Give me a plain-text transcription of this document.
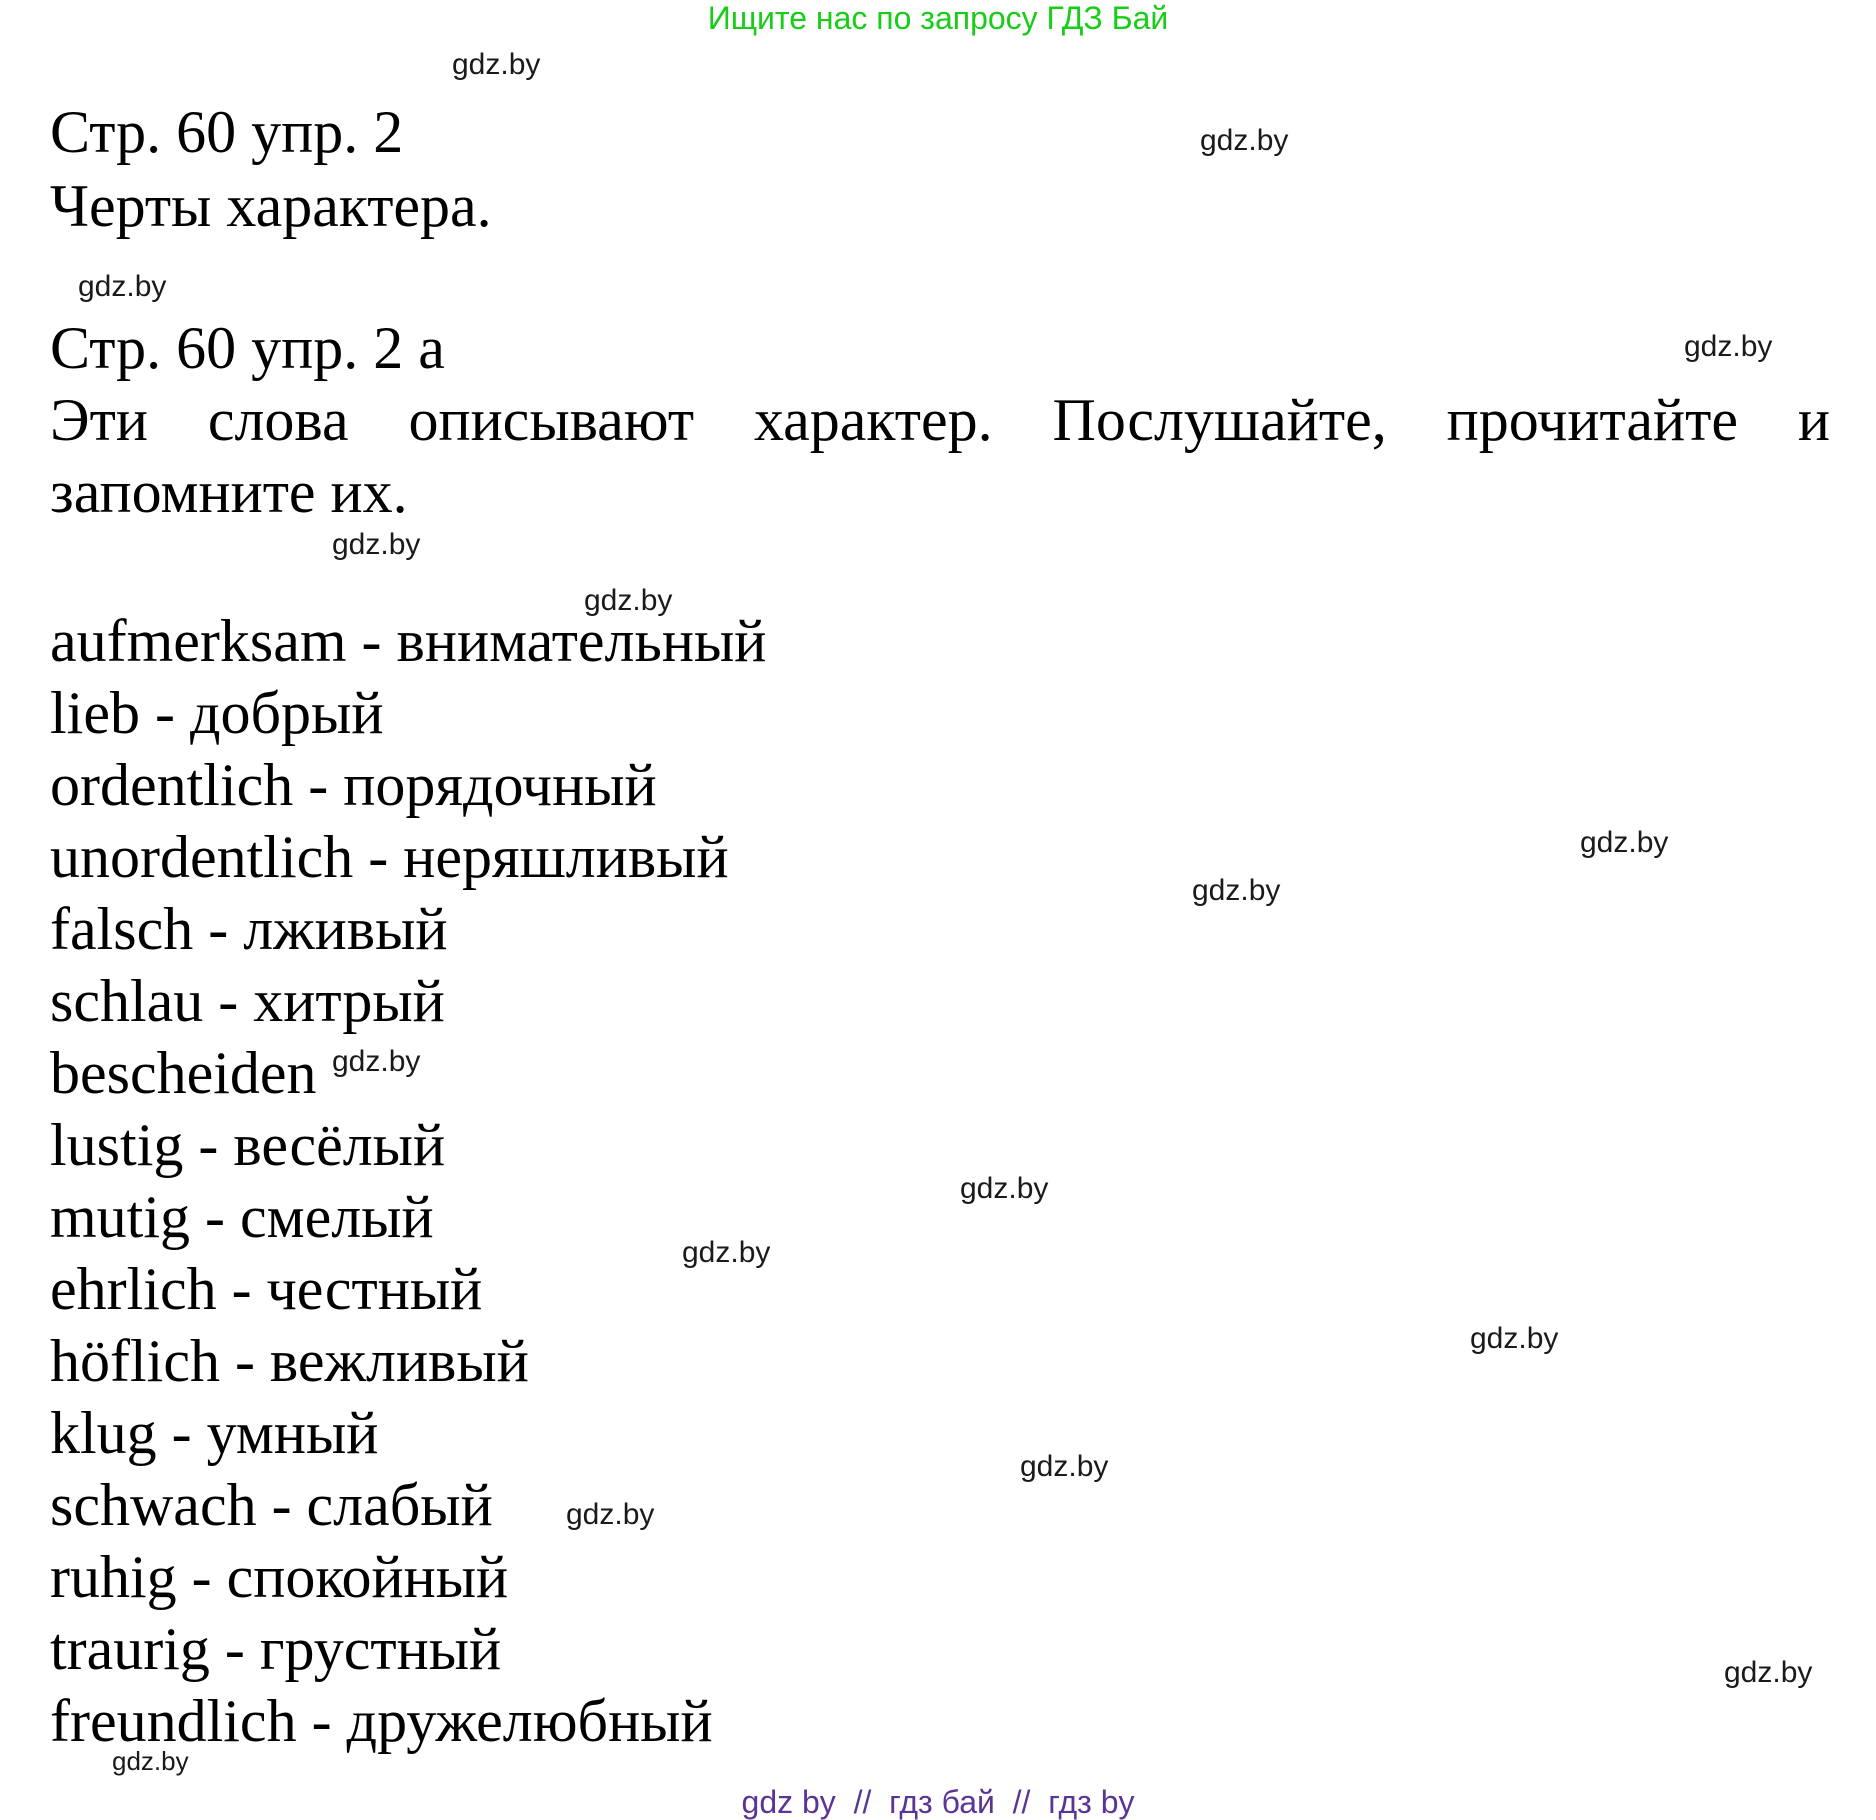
Ищите нас по запросу ГДЗ Бай
Стр. 60 упр. 2
Черты характера.
Стр. 60 упр. 2 а
Эти слова описывают характер. Послушайте, прочитайте и
запомните их.
aufmerksam - внимательный
lieb - добрый
ordentlich - порядочный
unordentlich - неряшливый
falsch - лживый
schlau - хитрый
bescheiden
lustig - весёлый
mutig - смелый
ehrlich - честный
höflich - вежливый
klug - умный
schwach - слабый
ruhig - спокойный
traurig - грустный
freundlich - дружелюбный
gdz.by
gdz.by
gdz.by
gdz.by
gdz.by
gdz.by
gdz.by
gdz.by
gdz.by
gdz.by
gdz.by
gdz.by
gdz.by
gdz.by
gdz.by
gdz.by
gdz by  //  гдз бай  //  гдз by
